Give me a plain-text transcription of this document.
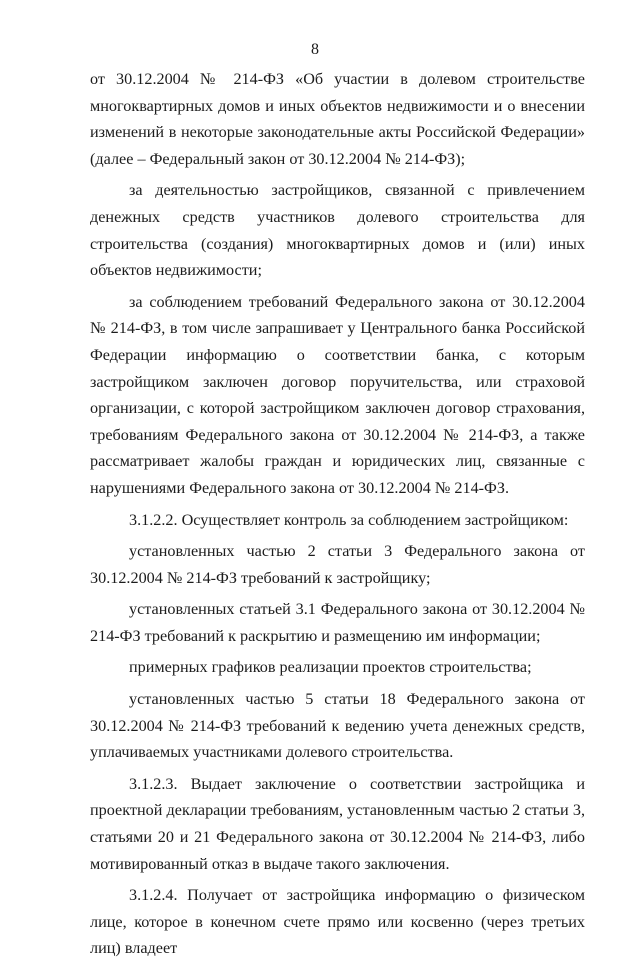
8

от 30.12.2004 № 214-ФЗ «Об участии в долевом строительстве многоквартирных домов и иных объектов недвижимости и о внесении изменений в некоторые законодательные акты Российской Федерации» (далее – Федеральный закон от 30.12.2004 № 214-ФЗ);

за деятельностью застройщиков, связанной с привлечением денежных средств участников долевого строительства для строительства (создания) многоквартирных домов и (или) иных объектов недвижимости;

за соблюдением требований Федерального закона от 30.12.2004 № 214-ФЗ, в том числе запрашивает у Центрального банка Российской Федерации информацию о соответствии банка, с которым застройщиком заключен договор поручительства, или страховой организации, с которой застройщиком заключен договор страхования, требованиям Федерального закона от 30.12.2004 № 214-ФЗ, а также рассматривает жалобы граждан и юридических лиц, связанные с нарушениями Федерального закона от 30.12.2004 № 214-ФЗ.

3.1.2.2. Осуществляет контроль за соблюдением застройщиком:

установленных частью 2 статьи 3 Федерального закона от 30.12.2004 № 214-ФЗ требований к застройщику;

установленных статьей 3.1 Федерального закона от 30.12.2004 № 214-ФЗ требований к раскрытию и размещению им информации;

примерных графиков реализации проектов строительства;

установленных частью 5 статьи 18 Федерального закона от 30.12.2004 № 214-ФЗ требований к ведению учета денежных средств, уплачиваемых участниками долевого строительства.

3.1.2.3. Выдает заключение о соответствии застройщика и проектной декларации требованиям, установленным частью 2 статьи 3, статьями 20 и 21 Федерального закона от 30.12.2004 № 214-ФЗ, либо мотивированный отказ в выдаче такого заключения.

3.1.2.4. Получает от застройщика информацию о физическом лице, которое в конечном счете прямо или косвенно (через третьих лиц) владеет
